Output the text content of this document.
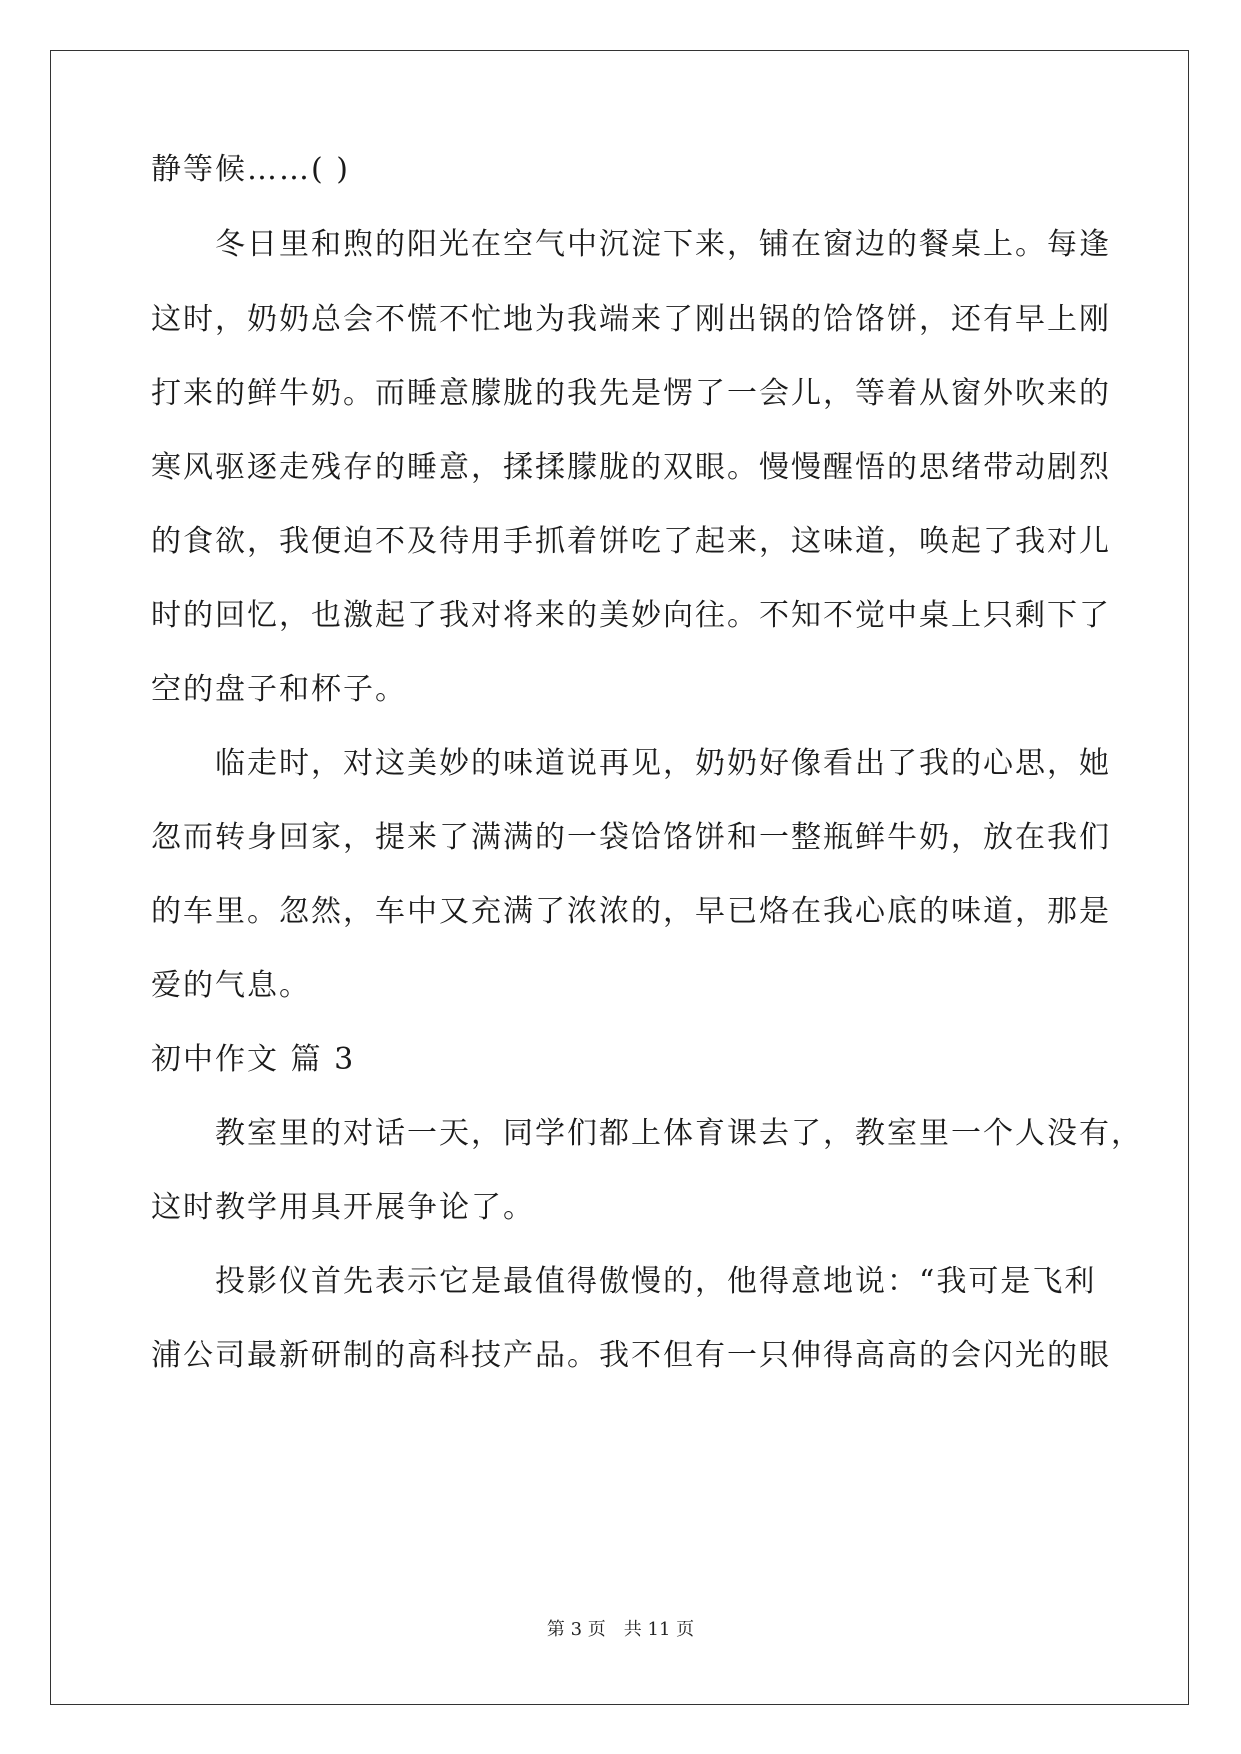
静等候……( )

　　冬日里和煦的阳光在空气中沉淀下来，铺在窗边的餐桌上。每逢

这时，奶奶总会不慌不忙地为我端来了刚出锅的饸饹饼，还有早上刚

打来的鲜牛奶。而睡意朦胧的我先是愣了一会儿，等着从窗外吹来的

寒风驱逐走残存的睡意，揉揉朦胧的双眼。慢慢醒悟的思绪带动剧烈

的食欲，我便迫不及待用手抓着饼吃了起来，这味道，唤起了我对儿

时的回忆，也激起了我对将来的美妙向往。不知不觉中桌上只剩下了

空的盘子和杯子。

　　临走时，对这美妙的味道说再见，奶奶好像看出了我的心思，她

忽而转身回家，提来了满满的一袋饸饹饼和一整瓶鲜牛奶，放在我们

的车里。忽然，车中又充满了浓浓的，早已烙在我心底的味道，那是

爱的气息。

初中作文 篇 3

　　教室里的对话一天，同学们都上体育课去了，教室里一个人没有，

这时教学用具开展争论了。

　　投影仪首先表示它是最值得傲慢的，他得意地说：“我可是飞利

浦公司最新研制的高科技产品。我不但有一只伸得高高的会闪光的眼

第 3 页　共 11 页
